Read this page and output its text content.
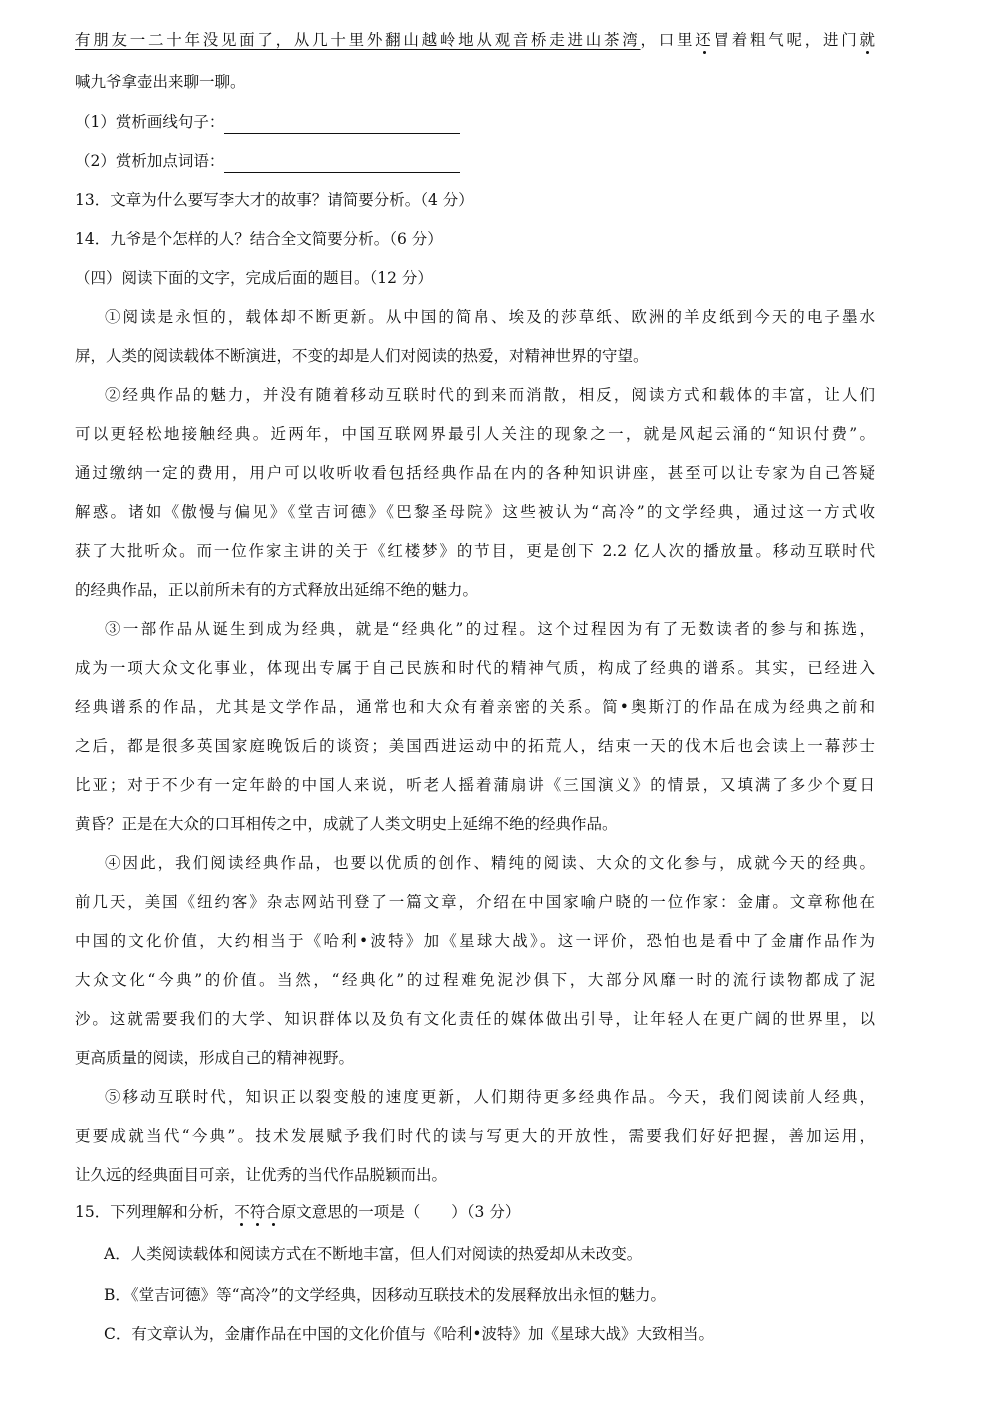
有朋友一二十年没见面了，从几十里外翻山越岭地从观音桥走进山茶湾，口里还冒着粗气呢，进门就
喊九爷拿壶出来聊一聊。
（1）赏析画线句子：
（2）赏析加点词语：
13．文章为什么要写李大才的故事？请简要分析。（4 分）
14．九爷是个怎样的人？结合全文简要分析。（6 分）
（四）阅读下面的文字，完成后面的题目。（12 分）
①阅读是永恒的，载体却不断更新。从中国的简帛、埃及的莎草纸、欧洲的羊皮纸到今天的电子墨水
屏，人类的阅读载体不断演进，不变的却是人们对阅读的热爱，对精神世界的守望。
②经典作品的魅力，并没有随着移动互联时代的到来而消散，相反，阅读方式和载体的丰富，让人们
可以更轻松地接触经典。近两年，中国互联网界最引人关注的现象之一，就是风起云涌的“知识付费”。
通过缴纳一定的费用，用户可以收听收看包括经典作品在内的各种知识讲座，甚至可以让专家为自己答疑
解惑。诸如《傲慢与偏见》《堂吉诃德》《巴黎圣母院》这些被认为“高冷”的文学经典，通过这一方式收
获了大批听众。而一位作家主讲的关于《红楼梦》的节目，更是创下 2.2 亿人次的播放量。移动互联时代
的经典作品，正以前所未有的方式释放出延绵不绝的魅力。
③一部作品从诞生到成为经典，就是“经典化”的过程。这个过程因为有了无数读者的参与和拣选，
成为一项大众文化事业，体现出专属于自己民族和时代的精神气质，构成了经典的谱系。其实，已经进入
经典谱系的作品，尤其是文学作品，通常也和大众有着亲密的关系。简•奥斯汀的作品在成为经典之前和
之后，都是很多英国家庭晚饭后的谈资；美国西进运动中的拓荒人，结束一天的伐木后也会读上一幕莎士
比亚；对于不少有一定年龄的中国人来说，听老人摇着蒲扇讲《三国演义》的情景，又填满了多少个夏日
黄昏？正是在大众的口耳相传之中，成就了人类文明史上延绵不绝的经典作品。
④因此，我们阅读经典作品，也要以优质的创作、精纯的阅读、大众的文化参与，成就今天的经典。
前几天，美国《纽约客》杂志网站刊登了一篇文章，介绍在中国家喻户晓的一位作家：金庸。文章称他在
中国的文化价值，大约相当于《哈利•波特》加《星球大战》。这一评价，恐怕也是看中了金庸作品作为
大众文化“今典”的价值。当然，“经典化”的过程难免泥沙俱下，大部分风靡一时的流行读物都成了泥
沙。这就需要我们的大学、知识群体以及负有文化责任的媒体做出引导，让年轻人在更广阔的世界里，以
更高质量的阅读，形成自己的精神视野。
⑤移动互联时代，知识正以裂变般的速度更新，人们期待更多经典作品。今天，我们阅读前人经典，
更要成就当代“今典”。技术发展赋予我们时代的读与写更大的开放性，需要我们好好把握，善加运用，
让久远的经典面目可亲，让优秀的当代作品脱颖而出。
15．下列理解和分析，不符合原文意思的一项是（　　）（3 分）
A．人类阅读载体和阅读方式在不断地丰富，但人们对阅读的热爱却从未改变。
B．《堂吉诃德》等“高冷”的文学经典，因移动互联技术的发展释放出永恒的魅力。
C．有文章认为，金庸作品在中国的文化价值与《哈利•波特》加《星球大战》大致相当。
